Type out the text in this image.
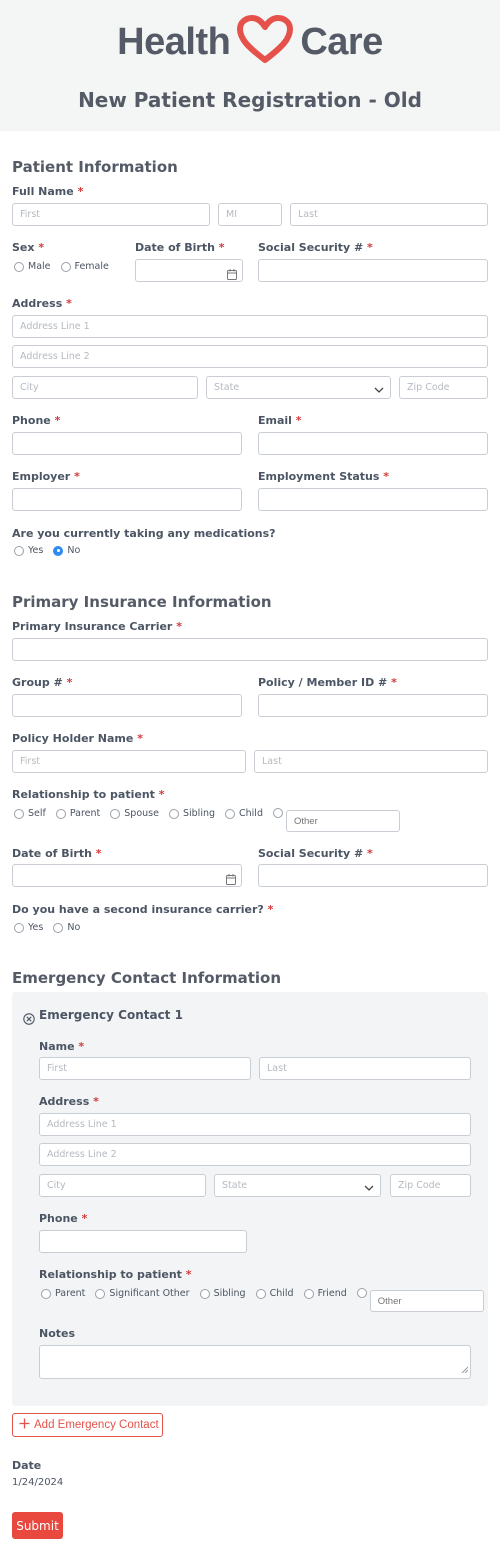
Health Care
New Patient Registration - Old
Patient Information
Full Name *
First
MI
Last
Sex *
Male	Female
Date of Birth *	Social Security # *
Address *
Address Line 1
Address Line 2
City
State
Zip Code
Phone *	Email *
Employer *	Employment Status *
Are you currently taking any medications?
Yes	No
Primary Insurance Information
Primary Insurance Carrier *
Group # *	Policy / Member ID # *
Policy Holder Name *
First
Last
Relationship to patient *
Self	Parent	Spouse	Sibling	Child
Other
Date of Birth *	Social Security # *
Do you have a second insurance carrier? *
Yes	No
Emergency Contact Information
Emergency Contact 1
Name *
First
Last
Address *
Address Line 1
Address Line 2
City
State
Zip Code
Phone *
Relationship to patient *
Parent	Significant Other	Sibling	Child	Friend
Other
Notes
Add Emergency Contact
Date
1/24/2024
Submit
